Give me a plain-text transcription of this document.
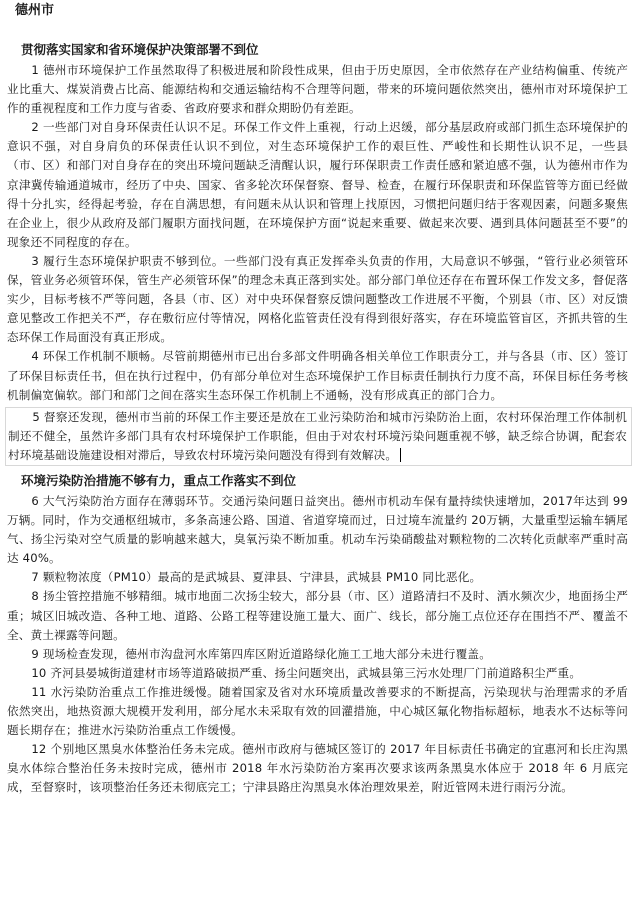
德州市
贯彻落实国家和省环境保护决策部署不到位

1 德州市环境保护工作虽然取得了积极进展和阶段性成果，但由于历史原因，全市依然存在产业结构偏重、传统产业比重大、煤炭消费占比高、能源结构和交通运输结构不合理等问题，带来的环境问题依然突出，德州市对环境保护工作的重视程度和工作力度与省委、省政府要求和群众期盼仍有差距。

2 一些部门对自身环保责任认识不足。环保工作文件上重视，行动上迟缓，部分基层政府或部门抓生态环境保护的意识不强，对自身肩负的环保责任认识不到位，对生态环境保护工作的艰巨性、严峻性和长期性认识不足，一些县（市、区）和部门对自身存在的突出环境问题缺乏清醒认识，履行环保职责工作责任感和紧迫感不强，认为德州市作为京津冀传输通道城市，经历了中央、国家、省多轮次环保督察、督导、检查，在履行环保职责和环保监管等方面已经做得十分扎实，经得起考验，存在自满思想，有问题未从认识和管理上找原因，习惯把问题归结于客观因素，问题多聚焦在企业上，很少从政府及部门履职方面找问题，在环境保护方面“说起来重要、做起来次要、遇到具体问题甚至不要”的现象还不同程度的存在。

3 履行生态环境保护职责不够到位。一些部门没有真正发挥牵头负责的作用，大局意识不够强，“管行业必须管环保，管业务必须管环保，管生产必须管环保”的理念未真正落到实处。部分部门单位还存在布置环保工作发文多，督促落实少，目标考核不严等问题，各县（市、区）对中央环保督察反馈问题整改工作进展不平衡，个别县（市、区）对反馈意见整改工作把关不严，存在敷衍应付等情况，网格化监管责任没有得到很好落实，存在环境监管盲区，齐抓共管的生态环保工作局面没有真正形成。

4 环保工作机制不顺畅。尽管前期德州市已出台多部文件明确各相关单位工作职责分工，并与各县（市、区）签订了环保目标责任书，但在执行过程中，仍有部分单位对生态环境保护工作目标责任制执行力度不高，环保目标任务考核机制偏宽偏软。部门和部门之间在落实生态环保工作机制上不通畅，没有形成真正的部门合力。

5 督察还发现，德州市当前的环保工作主要还是放在工业污染防治和城市污染防治上面，农村环保治理工作体制机制还不健全，虽然许多部门具有农村环境保护工作职能，但由于对农村环境污染问题重视不够，缺乏综合协调，配套农村环境基础设施建设相对滞后，导致农村环境污染问题没有得到有效解决。

环境污染防治措施不够有力，重点工作落实不到位

6 大气污染防治方面存在薄弱环节。交通污染问题日益突出。德州市机动车保有量持续快速增加，2017年达到 99万辆。同时，作为交通枢纽城市，多条高速公路、国道、省道穿境而过，日过境车流量约 20万辆，大量重型运输车辆尾气、扬尘污染对空气质量的影响越来越大，臭氧污染不断加重。机动车污染硝酸盐对颗粒物的二次转化贡献率严重时高达 40%。

7 颗粒物浓度（PM10）最高的是武城县、夏津县、宁津县，武城县 PM10 同比恶化。

8 扬尘管控措施不够精细。城市地面二次扬尘较大，部分县（市、区）道路清扫不及时、洒水频次少，地面扬尘严重；城区旧城改造、各种工地、道路、公路工程等建设施工量大、面广、线长，部分施工点位还存在围挡不严、覆盖不全、黄土裸露等问题。

9 现场检查发现，德州市沟盘河水库第四库区附近道路绿化施工工地大部分未进行覆盖。

10 齐河县晏城街道建材市场等道路破损严重、扬尘问题突出，武城县第三污水处理厂门前道路积尘严重。

11 水污染防治重点工作推进缓慢。随着国家及省对水环境质量改善要求的不断提高，污染现状与治理需求的矛盾依然突出，地热资源大规模开发利用，部分尾水未采取有效的回灌措施，中心城区氟化物指标超标，地表水不达标等问题长期存在；推进水污染防治重点工作缓慢。

12 个别地区黑臭水体整治任务未完成。德州市政府与德城区签订的 2017 年目标责任书确定的宜惠河和长庄沟黑臭水体综合整治任务未按时完成，德州市 2018 年水污染防治方案再次要求该两条黑臭水体应于 2018 年 6 月底完成，至督察时，该项整治任务还未彻底完工；宁津县路庄沟黑臭水体治理效果差，附近管网未进行雨污分流。
